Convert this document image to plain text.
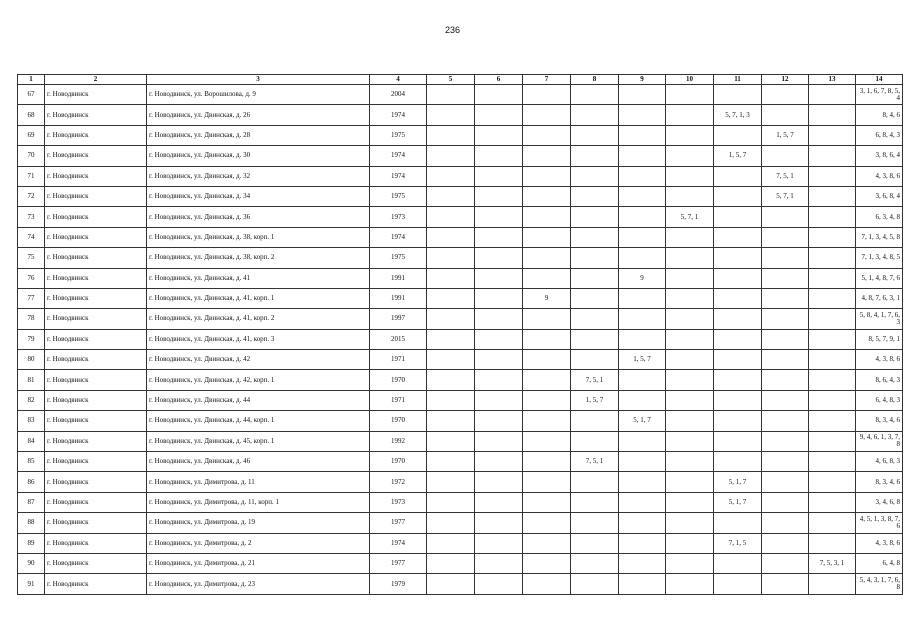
236
1	2	3	4	5	6	7	8	9	10	11	12	13	14
67	г. Новодвинск	г. Новодвинск, ул. Ворошилова, д. 9	2004										3, 1, 6, 7, 8, 5, 4
68	г. Новодвинск	г. Новодвинск, ул. Двинская, д. 26	1974							5, 7, 1, 3			8, 4, 6
69	г. Новодвинск	г. Новодвинск, ул. Двинская, д. 28	1975								1, 5, 7		6, 8, 4, 3
70	г. Новодвинск	г. Новодвинск, ул. Двинская, д. 30	1974							1, 5, 7			3, 8, 6, 4
71	г. Новодвинск	г. Новодвинск, ул. Двинская, д. 32	1974								7, 5, 1		4, 3, 8, 6
72	г. Новодвинск	г. Новодвинск, ул. Двинская, д. 34	1975								5, 7, 1		3, 6, 8, 4
73	г. Новодвинск	г. Новодвинск, ул. Двинская, д. 36	1973						5, 7, 1				6, 3, 4, 8
74	г. Новодвинск	г. Новодвинск, ул. Двинская, д. 38, корп. 1	1974										7, 1, 3, 4, 5, 8
75	г. Новодвинск	г. Новодвинск, ул. Двинская, д. 38, корп. 2	1975										7, 1, 3, 4, 8, 5
76	г. Новодвинск	г. Новодвинск, ул. Двинская, д. 41	1991					9					5, 1, 4, 8, 7, 6
77	г. Новодвинск	г. Новодвинск, ул. Двинская, д. 41, корп. 1	1991			9							4, 8, 7, 6, 3, 1
78	г. Новодвинск	г. Новодвинск, ул. Двинская, д. 41, корп. 2	1997										5, 8, 4, 1, 7, 6, 3
79	г. Новодвинск	г. Новодвинск, ул. Двинская, д. 41, корп. 3	2015										8, 5, 7, 9, 1
80	г. Новодвинск	г. Новодвинск, ул. Двинская, д. 42	1971					1, 5, 7					4, 3, 8, 6
81	г. Новодвинск	г. Новодвинск, ул. Двинская, д. 42, корп. 1	1970				7, 5, 1						8, 6, 4, 3
82	г. Новодвинск	г. Новодвинск, ул. Двинская, д. 44	1971				1, 5, 7						6, 4, 8, 3
83	г. Новодвинск	г. Новодвинск, ул. Двинская, д. 44, корп. 1	1970					5, 1, 7					8, 3, 4, 6
84	г. Новодвинск	г. Новодвинск, ул. Двинская, д. 45, корп. 1	1992										9, 4, 6, 1, 3, 7, 8
85	г. Новодвинск	г. Новодвинск, ул. Двинская, д. 46	1970				7, 5, 1						4, 6, 8, 3
86	г. Новодвинск	г. Новодвинск, ул. Димитрова, д. 11	1972							5, 1, 7			8, 3, 4, 6
87	г. Новодвинск	г. Новодвинск, ул. Димитрова, д. 11, корп. 1	1973							5, 1, 7			3, 4, 6, 8
88	г. Новодвинск	г. Новодвинск, ул. Димитрова, д. 19	1977										4, 5, 1, 3, 8, 7, 6
89	г. Новодвинск	г. Новодвинск, ул. Димитрова, д. 2	1974							7, 1, 5			4, 3, 8, 6
90	г. Новодвинск	г. Новодвинск, ул. Димитрова, д. 21	1977									7, 5, 3, 1	6, 4, 8
91	г. Новодвинск	г. Новодвинск, ул. Димитрова, д. 23	1979										5, 4, 3, 1, 7, 6, 8
